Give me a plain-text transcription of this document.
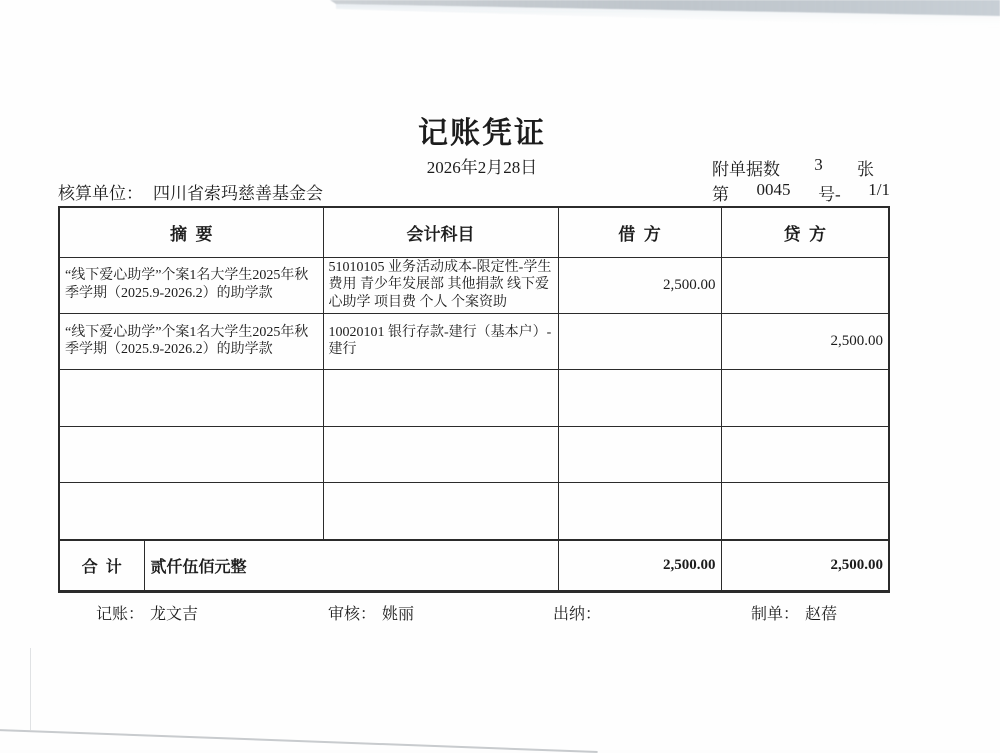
记账凭证
2026年2月28日	附单据数	3	张
核算单位： 四川省索玛慈善基金会	第 0045 号- 1/1
摘  要		会计科目	借  方	贷  方
“线下爱心助学”个案1名大学生2025年秋季学期（2025.9-2026.2）的助学款		51010105 业务活动成本-限定性-学生费用 青少年发展部 其他捐款 线下爱心助学 项目费 个人 个案资助	2,500.00	
“线下爱心助学”个案1名大学生2025年秋季学期（2025.9-2026.2）的助学款		10020101 银行存款-建行（基本户）-建行		2,500.00

合  计	贰仟伍佰元整		2,500.00	2,500.00
记账： 龙文吉	审核： 姚丽	出纳：	制单： 赵蓓
